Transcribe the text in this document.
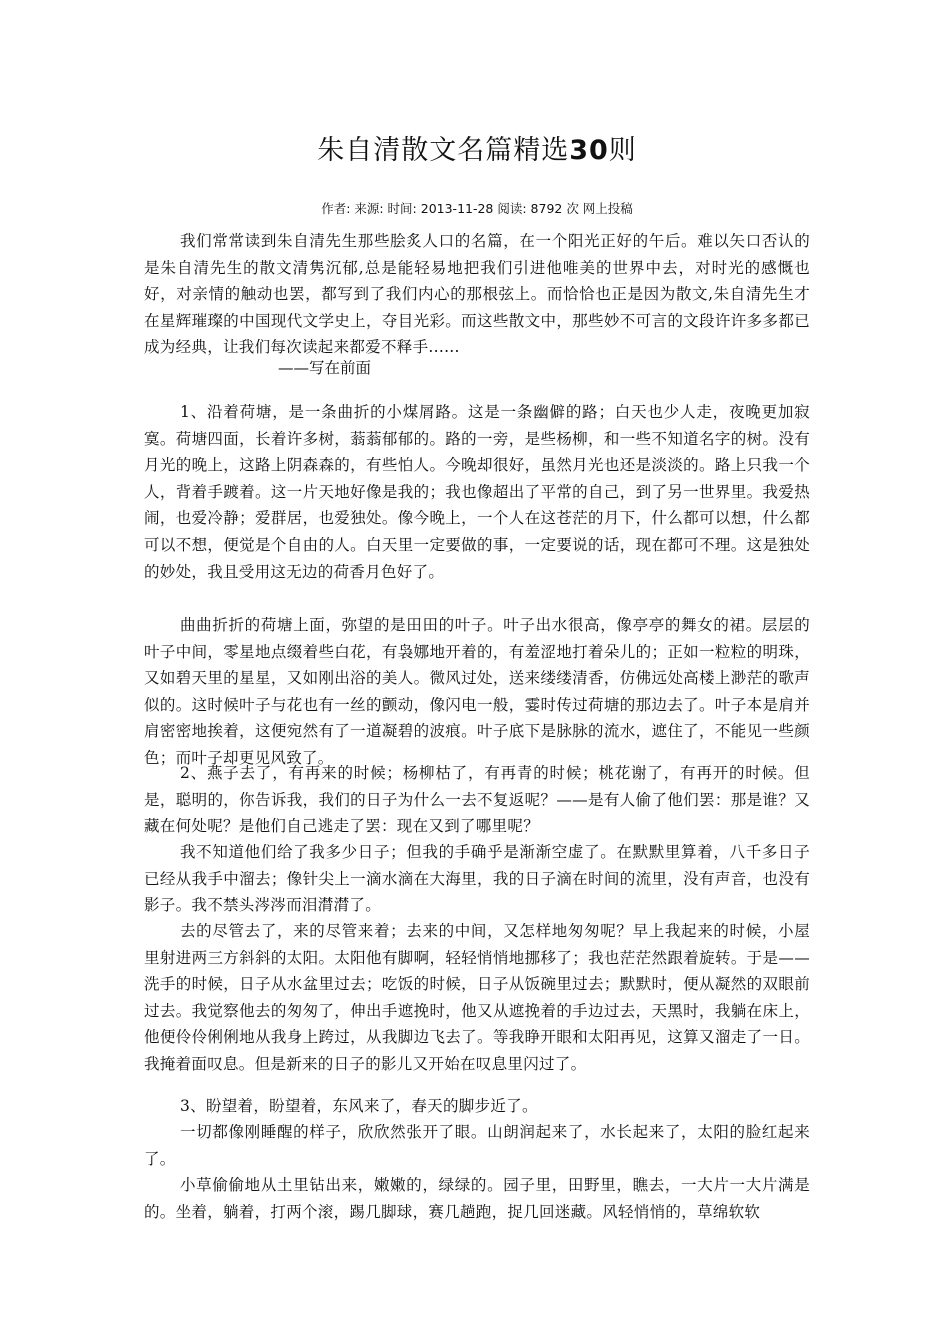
朱自清散文名篇精选30则
作者: 来源: 时间: 2013-11-28 阅读: 8792 次 网上投稿

我们常常读到朱自清先生那些脍炙人口的名篇，在一个阳光正好的午后。难以矢口否认的是朱自清先生的散文清隽沉郁,总是能轻易地把我们引进他唯美的世界中去，对时光的感慨也好，对亲情的触动也罢，都写到了我们内心的那根弦上。而恰恰也正是因为散文,朱自清先生才在星辉璀璨的中国现代文学史上，夺目光彩。而这些散文中，那些妙不可言的文段许许多多都已成为经典，让我们每次读起来都爱不释手......

——写在前面

1、沿着荷塘，是一条曲折的小煤屑路。这是一条幽僻的路；白天也少人走，夜晚更加寂寞。荷塘四面，长着许多树，蓊蓊郁郁的。路的一旁，是些杨柳，和一些不知道名字的树。没有月光的晚上，这路上阴森森的，有些怕人。今晚却很好，虽然月光也还是淡淡的。路上只我一个人，背着手踱着。这一片天地好像是我的；我也像超出了平常的自己，到了另一世界里。我爱热闹，也爱冷静；爱群居，也爱独处。像今晚上，一个人在这苍茫的月下，什么都可以想，什么都可以不想，便觉是个自由的人。白天里一定要做的事，一定要说的话，现在都可不理。这是独处的妙处，我且受用这无边的荷香月色好了。

曲曲折折的荷塘上面，弥望的是田田的叶子。叶子出水很高，像亭亭的舞女的裙。层层的叶子中间，零星地点缀着些白花，有袅娜地开着的，有羞涩地打着朵儿的；正如一粒粒的明珠，又如碧天里的星星，又如刚出浴的美人。微风过处，送来缕缕清香，仿佛远处高楼上渺茫的歌声似的。这时候叶子与花也有一丝的颤动，像闪电一般，霎时传过荷塘的那边去了。叶子本是肩并肩密密地挨着，这便宛然有了一道凝碧的波痕。叶子底下是脉脉的流水，遮住了，不能见一些颜色；而叶子却更见风致了。

2、燕子去了，有再来的时候；杨柳枯了，有再青的时候；桃花谢了，有再开的时候。但是，聪明的，你告诉我，我们的日子为什么一去不复返呢？——是有人偷了他们罢：那是谁？又藏在何处呢？是他们自己逃走了罢：现在又到了哪里呢？

我不知道他们给了我多少日子；但我的手确乎是渐渐空虚了。在默默里算着，八千多日子已经从我手中溜去；像针尖上一滴水滴在大海里，我的日子滴在时间的流里，没有声音，也没有影子。我不禁头涔涔而泪潸潸了。

去的尽管去了，来的尽管来着；去来的中间，又怎样地匆匆呢？早上我起来的时候，小屋里射进两三方斜斜的太阳。太阳他有脚啊，轻轻悄悄地挪移了；我也茫茫然跟着旋转。于是——洗手的时候，日子从水盆里过去；吃饭的时候，日子从饭碗里过去；默默时，便从凝然的双眼前过去。我觉察他去的匆匆了，伸出手遮挽时，他又从遮挽着的手边过去，天黑时，我躺在床上，他便伶伶俐俐地从我身上跨过，从我脚边飞去了。等我睁开眼和太阳再见，这算又溜走了一日。我掩着面叹息。但是新来的日子的影儿又开始在叹息里闪过了。

3、盼望着，盼望着，东风来了，春天的脚步近了。

一切都像刚睡醒的样子，欣欣然张开了眼。山朗润起来了，水长起来了，太阳的脸红起来了。

小草偷偷地从土里钻出来，嫩嫩的，绿绿的。园子里，田野里，瞧去，一大片一大片满是的。坐着，躺着，打两个滚，踢几脚球，赛几趟跑，捉几回迷藏。风轻悄悄的，草绵软软
